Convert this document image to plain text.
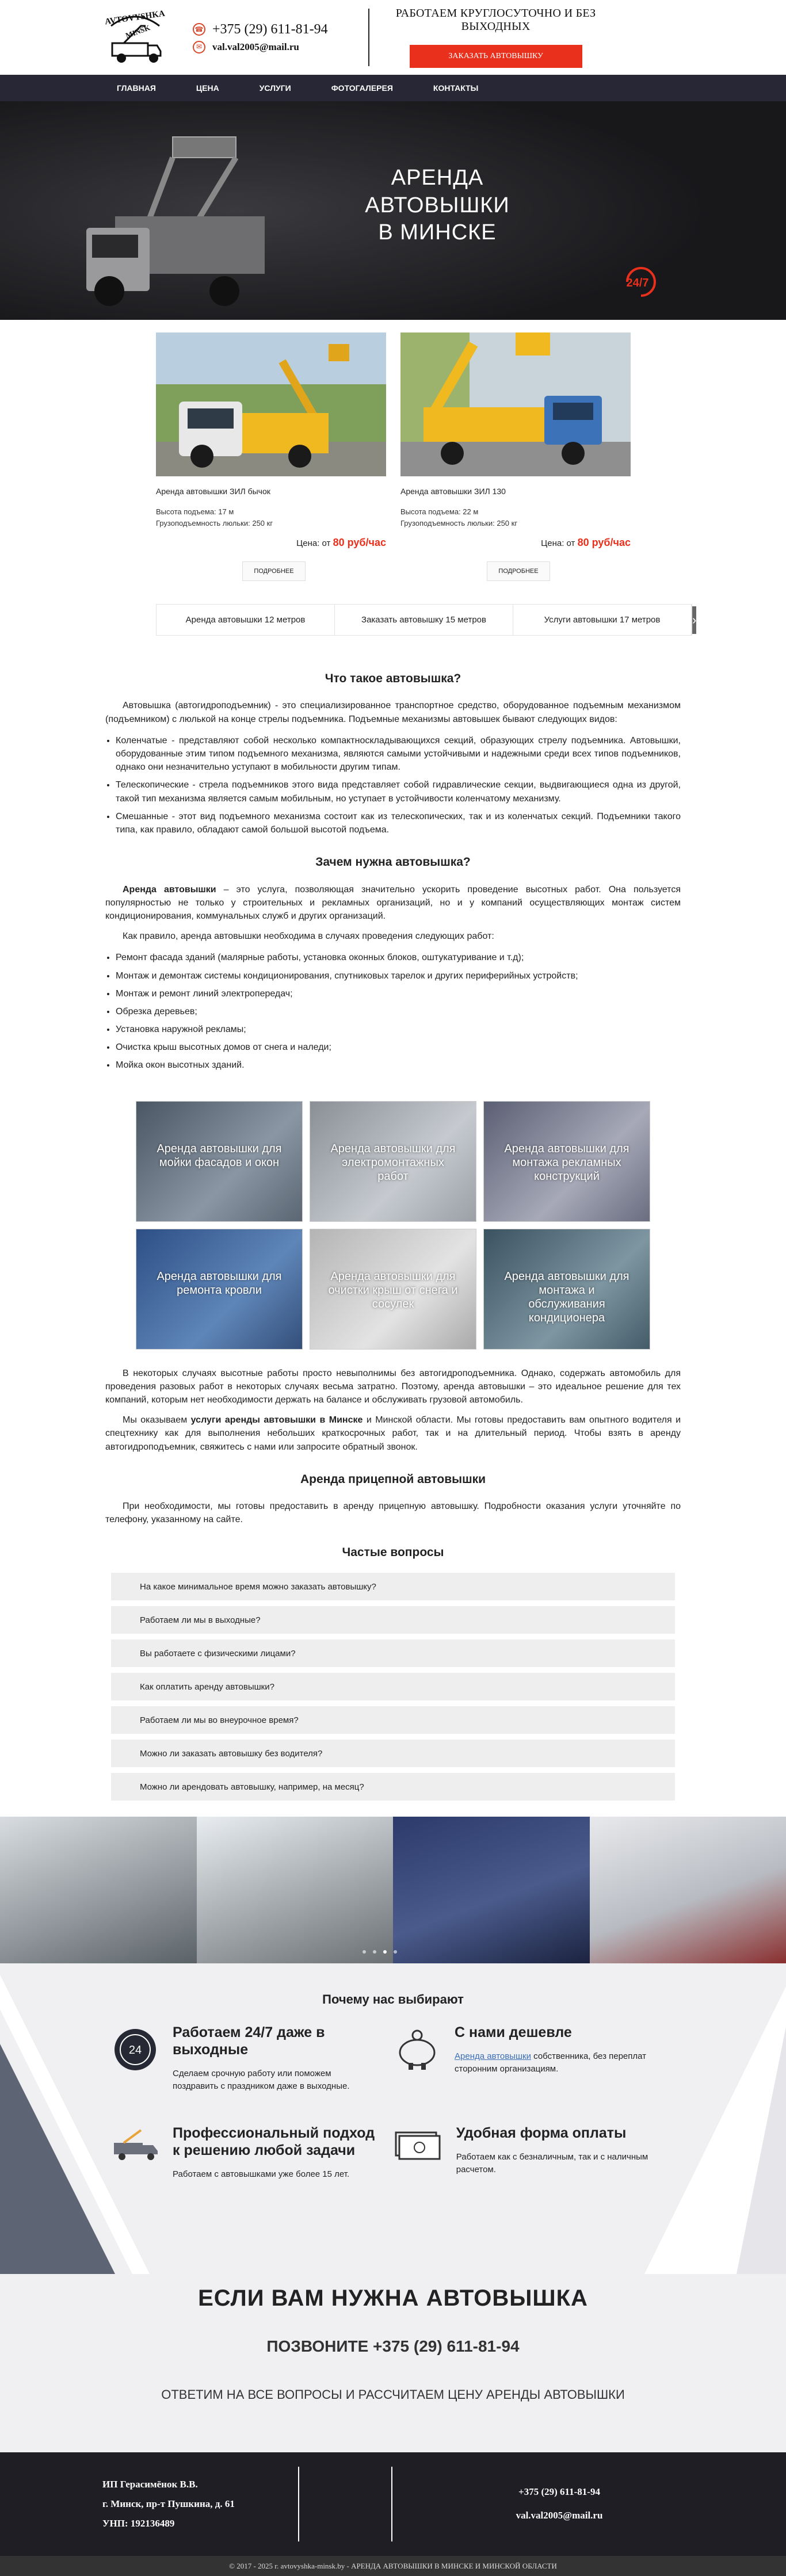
AVTOVYSHKA
MINSK	☎ +375 (29) 611-81-94
✉	val.val2005@mail.ru
РАБОТАЕМ КРУГЛОСУТОЧНО И БЕЗ ВЫХОДНЫХ
ЗАКАЗАТЬ АВТОВЫШКУ
ГЛАВНАЯ	ЦЕНА	УСЛУГИ	ФОТОГАЛЕРЕЯ	КОНТАКТЫ
АРЕНДА АВТОВЫШКИ
В МИНСКЕ
24/7
Аренда автовышки ЗИЛ бычок
Высота подъема: 17 м
Грузоподъемность люльки: 250 кг
Цена: от 80 руб/час
ПОДРОБНЕЕ
Аренда автовышки ЗИЛ 130
Высота подъема: 22 м
Грузоподъемность люльки: 250 кг
Цена: от 80 руб/час
ПОДРОБНЕЕ
Аренда автовышки 12 метров	Заказать автовышку 15 метров	Услуги автовышки 17 метров	›
Что такое автовышка?

Автовышка (автогидроподъемник) - это специализированное транспортное средство, оборудованное подъемным механизмом (подъемником) с люлькой на конце стрелы подъемника. Подъемные механизмы автовышек бывают следующих видов:

• Коленчатые - представляют собой несколько компактноскладывающихся секций, образующих стрелу подъемника. Автовышки, оборудованные этим типом подъемного механизма, являются самыми устойчивыми и надежными среди всех типов подъемников, однако они незначительно уступают в мобильности другим типам.
• Телескопические - стрела подъемников этого вида представляет собой гидравлические секции, выдвигающиеся одна из другой, такой тип механизма является самым мобильным, но уступает в устойчивости коленчатому механизму.
• Смешанные - этот вид подъемного механизма состоит как из телескопических, так и из коленчатых секций. Подъемники такого типа, как правило, обладают самой большой высотой подъема.
Зачем нужна автовышка?

Аренда автовышки – это услуга, позволяющая значительно ускорить проведение высотных работ. Она пользуется популярностью не только у строительных и рекламных организаций, но и у компаний осуществляющих монтаж систем кондиционирования, коммунальных служб и других организаций.

Как правило, аренда автовышки необходима в случаях проведения следующих работ:

• Ремонт фасада зданий (малярные работы, установка оконных блоков, оштукатуривание и т.д);
• Монтаж и демонтаж системы кондиционирования, спутниковых тарелок и других периферийных устройств;
• Монтаж и ремонт линий электропередач;
• Обрезка деревьев;
• Установка наружной рекламы;
• Очистка крыш высотных домов от снега и наледи;
• Мойка окон высотных зданий.
Аренда автовышки для мойки фасадов и окон
Аренда автовышки для электромонтажных работ
Аренда автовышки для монтажа рекламных конструкций
Аренда автовышки для ремонта кровли
Аренда автовышки для очистки крыш от снега и сосулек
Аренда автовышки для монтажа и обслуживания кондиционера

В некоторых случаях высотные работы просто невыполнимы без автогидроподъемника. Однако, содержать автомобиль для проведения разовых работ в некоторых случаях весьма затратно. Поэтому, аренда автовышки – это идеальное решение для тех компаний, которым нет необходимости держать на балансе и обслуживать грузовой автомобиль.

Мы оказываем услуги аренды автовышки в Минске и Минской области. Мы готовы предоставить вам опытного водителя и спецтехнику как для выполнения небольших краткосрочных работ, так и на длительный период. Чтобы взять в аренду автогидроподъемник, свяжитесь с нами или запросите обратный звонок.

Аренда прицепной автовышки

При необходимости, мы готовы предоставить в аренду прицепную автовышку. Подробности оказания услуги уточняйте по телефону, указанному на сайте.

Частые вопросы
На какое минимальное время можно заказать автовышку?
Работаем ли мы в выходные?
Вы работаете с физическими лицами?
Как оплатить аренду автовышки?
Работаем ли мы во внеурочное время?
Можно ли заказать автовышку без водителя?
Можно ли арендовать автовышку, например, на месяц?
Почему нас выбирают
24
Работаем 24/7 даже в выходные
Сделаем срочную работу или поможем поздравить с праздником даже в выходные.
С нами дешевле
Аренда автовышки собственника, без переплат сторонним организациям.
Профессиональный подход к решению любой задачи
Работаем с автовышками уже более 15 лет.
Удобная форма оплаты
Работаем как с безналичным, так и с наличным расчетом.
ЕСЛИ ВАМ НУЖНА АВТОВЫШКА
ПОЗВОНИТЕ +375 (29) 611-81-94
ОТВЕТИМ НА ВСЕ ВОПРОСЫ И РАССЧИТАЕМ ЦЕНУ АРЕНДЫ АВТОВЫШКИ
ИП Герасимёнок В.В.
г. Минск, пр-т Пушкина, д. 61
УНП: 192136489
+375 (29) 611-81-94
val.val2005@mail.ru
© 2017 - 2025 г. avtovyshka-minsk.by - АРЕНДА АВТОВЫШКИ В МИНСКЕ И МИНСКОЙ ОБЛАСТИ
